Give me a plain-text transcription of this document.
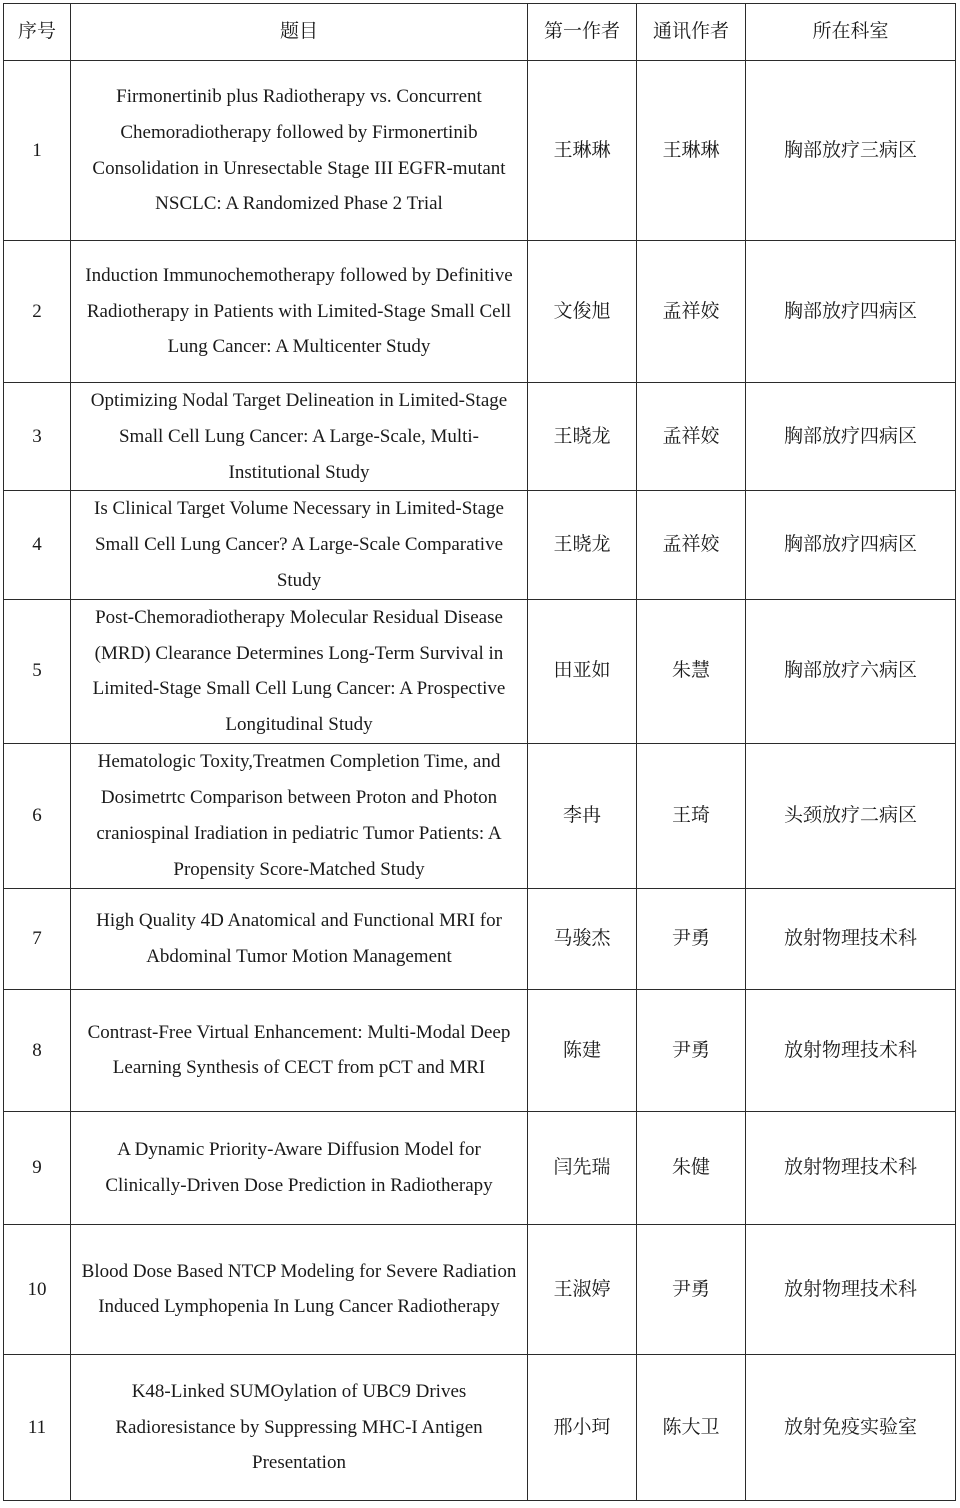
序号	题目	第一作者	通讯作者	所在科室
1	Firmonertinib plus Radiotherapy vs. Concurrent Chemoradiotherapy followed by Firmonertinib Consolidation in Unresectable Stage III EGFR-mutant NSCLC: A Randomized Phase 2 Trial	王琳琳	王琳琳	胸部放疗三病区
2	Induction Immunochemotherapy followed by Definitive Radiotherapy in Patients with Limited-Stage Small Cell Lung Cancer: A Multicenter Study	文俊旭	孟祥姣	胸部放疗四病区
3	Optimizing Nodal Target Delineation in Limited-Stage Small Cell Lung Cancer: A Large-Scale, Multi-Institutional Study	王晓龙	孟祥姣	胸部放疗四病区
4	Is Clinical Target Volume Necessary in Limited-Stage Small Cell Lung Cancer? A Large-Scale Comparative Study	王晓龙	孟祥姣	胸部放疗四病区
5	Post-Chemoradiotherapy Molecular Residual Disease (MRD) Clearance Determines Long-Term Survival in Limited-Stage Small Cell Lung Cancer: A Prospective Longitudinal Study	田亚如	朱慧	胸部放疗六病区
6	Hematologic Toxity,Treatmen Completion Time, and Dosimetrtc Comparison between Proton and Photon craniospinal Iradiation in pediatric Tumor Patients: A Propensity Score-Matched Study	李冉	王琦	头颈放疗二病区
7	High Quality 4D Anatomical and Functional MRI for Abdominal Tumor Motion Management	马骏杰	尹勇	放射物理技术科
8	Contrast-Free Virtual Enhancement: Multi-Modal Deep Learning Synthesis of CECT from pCT and MRI	陈建	尹勇	放射物理技术科
9	A Dynamic Priority-Aware Diffusion Model for Clinically-Driven Dose Prediction in Radiotherapy	闫先瑞	朱健	放射物理技术科
10	Blood Dose Based NTCP Modeling for Severe Radiation Induced Lymphopenia In Lung Cancer Radiotherapy	王淑婷	尹勇	放射物理技术科
11	K48-Linked SUMOylation of UBC9 Drives Radioresistance by Suppressing MHC-I Antigen Presentation	邢小珂	陈大卫	放射免疫实验室
